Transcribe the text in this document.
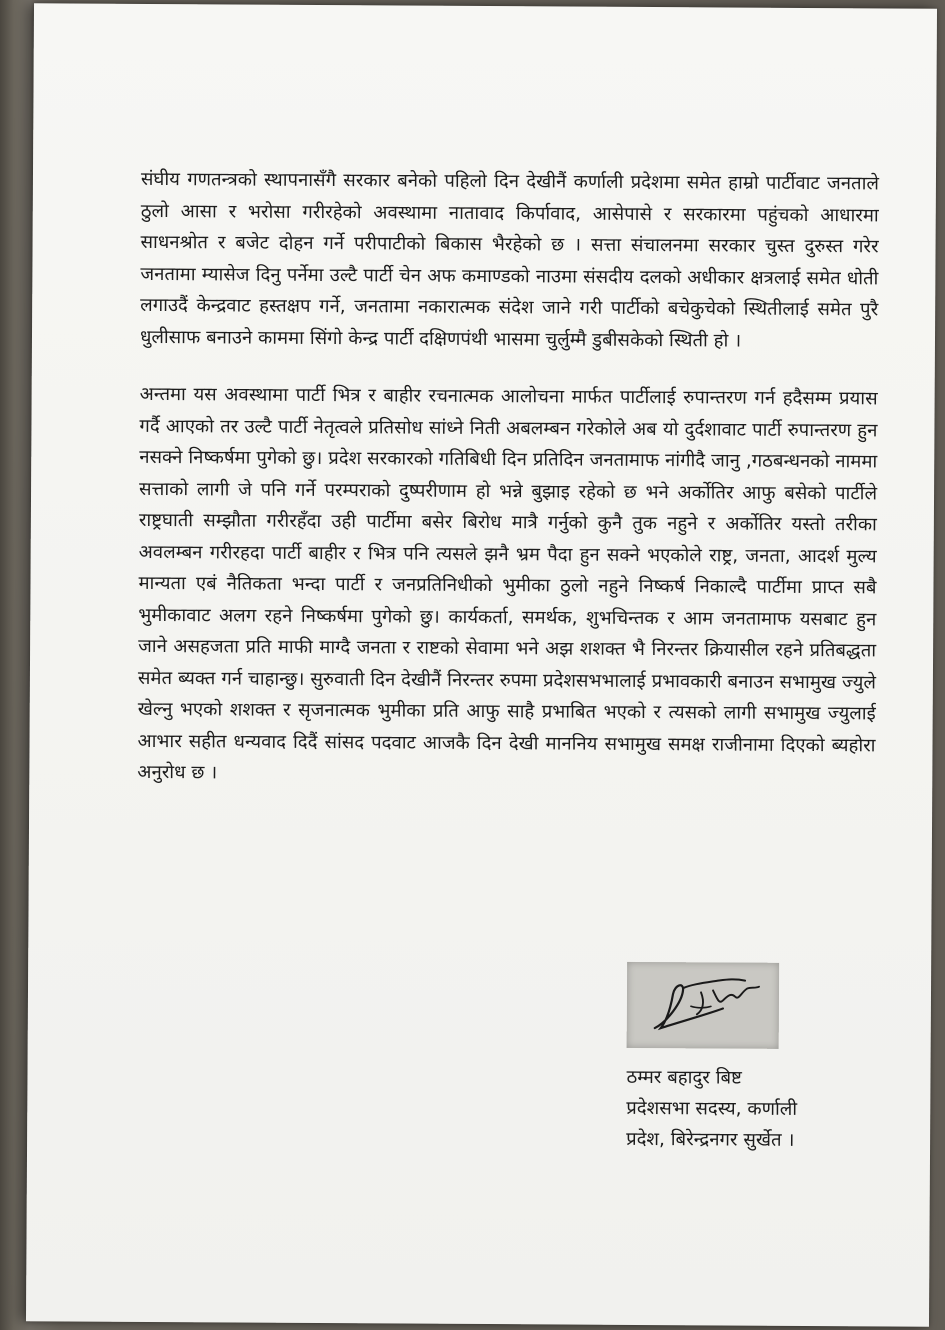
संघीय गणतन्त्रको स्थापनासँगै सरकार बनेको पहिलो दिन देखीनैं कर्णाली प्रदेशमा समेत हाम्रो पार्टीवाट जनताले ठुलो आसा र भरोसा गरीरहेको अवस्थामा नातावाद किर्पावाद, आसेपासे र सरकारमा पहुंचको आधारमा साधनश्रोत र बजेट दोहन गर्ने परीपाटीको बिकास भैरहेको छ । सत्ता संचालनमा सरकार चुस्त दुरुस्त गरेर जनतामा म्यासेज दिनु पर्नेमा उल्टै पार्टी चेन अफ कमाण्डको नाउमा संसदीय दलको अधीकार क्षत्रलाई समेत धोती लगाउदैं केन्द्रवाट हस्तक्षप गर्ने, जनतामा नकारात्मक संदेश जाने गरी पार्टीको बचेकुचेको स्थितीलाई समेत पुरै धुलीसाफ बनाउने काममा सिंगो केन्द्र पार्टी दक्षिणपंथी भासमा चुर्लुम्मै डुबीसकेको स्थिती हो ।

अन्तमा यस अवस्थामा पार्टी भित्र र बाहीर रचनात्मक आलोचना मार्फत पार्टीलाई रुपान्तरण गर्न हदैसम्म प्रयास गर्दै आएको तर उल्टै पार्टी नेतृत्वले प्रतिसोध सांध्ने निती अबलम्बन गरेकोले अब यो दुर्दशावाट पार्टी रुपान्तरण हुन नसक्ने निष्कर्षमा पुगेको छु। प्रदेश सरकारको गतिबिधी दिन प्रतिदिन जनतामाफ नांगीदै जानु ,गठबन्धनको नाममा सत्ताको लागी जे पनि गर्ने परम्पराको दुष्परीणाम हो भन्ने बुझाइ रहेको छ भने अर्कोतिर आफु बसेको पार्टीले राष्ट्रघाती सम्झौता गरीरहँदा उही पार्टीमा बसेर बिरोध मात्रै गर्नुको कुनै तुक नहुने र अर्कोतिर यस्तो तरीका अवलम्बन गरीरहदा पार्टी बाहीर र भित्र पनि त्यसले झनै भ्रम पैदा हुन सक्ने भएकोले राष्ट्र, जनता, आदर्श मुल्य मान्यता एबं नैतिकता भन्दा पार्टी र जनप्रतिनिधीको भुमीका ठुलो नहुने निष्कर्ष निकाल्दै पार्टीमा प्राप्त सबै भुमीकावाट अलग रहने निष्कर्षमा पुगेको छु। कार्यकर्ता, समर्थक, शुभचिन्तक र आम जनतामाफ यसबाट हुन जाने असहजता प्रति माफी माग्दै जनता र राष्टको सेवामा भने अझ शशक्त भै निरन्तर क्रियासील रहने प्रतिबद्धता समेत ब्यक्त गर्न चाहान्छु। सुरुवाती दिन देखीनैं निरन्तर रुपमा प्रदेशसभभालाई प्रभावकारी बनाउन सभामुख ज्युले खेल्नु भएको शशक्त र सृजनात्मक भुमीका प्रति आफु साहै प्रभाबित भएको र त्यसको लागी सभामुख ज्युलाई आभार सहीत धन्यवाद दिदैं सांसद पदवाट आजकै दिन देखी माननिय सभामुख समक्ष राजीनामा दिएको ब्यहोरा अनुरोध छ ।

ठम्मर बहादुर बिष्ट
प्रदेशसभा सदस्य, कर्णाली
प्रदेश, बिरेन्द्रनगर सुर्खेत ।
